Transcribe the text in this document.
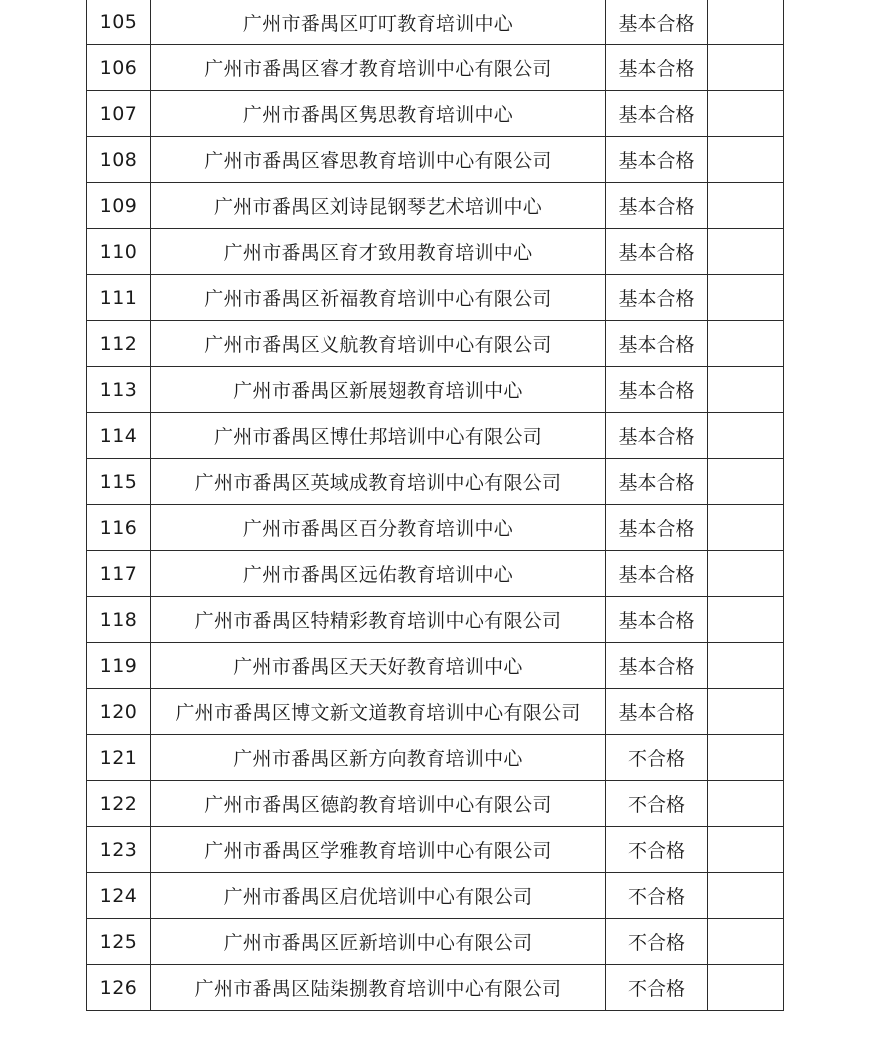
105	广州市番禺区叮叮教育培训中心	基本合格	
106	广州市番禺区睿才教育培训中心有限公司	基本合格	
107	广州市番禺区隽思教育培训中心	基本合格	
108	广州市番禺区睿思教育培训中心有限公司	基本合格	
109	广州市番禺区刘诗昆钢琴艺术培训中心	基本合格	
110	广州市番禺区育才致用教育培训中心	基本合格	
111	广州市番禺区祈福教育培训中心有限公司	基本合格	
112	广州市番禺区义航教育培训中心有限公司	基本合格	
113	广州市番禺区新展翅教育培训中心	基本合格	
114	广州市番禺区博仕邦培训中心有限公司	基本合格	
115	广州市番禺区英域成教育培训中心有限公司	基本合格	
116	广州市番禺区百分教育培训中心	基本合格	
117	广州市番禺区远佑教育培训中心	基本合格	
118	广州市番禺区特精彩教育培训中心有限公司	基本合格	
119	广州市番禺区天天好教育培训中心	基本合格	
120	广州市番禺区博文新文道教育培训中心有限公司	基本合格	
121	广州市番禺区新方向教育培训中心	不合格	
122	广州市番禺区德韵教育培训中心有限公司	不合格	
123	广州市番禺区学雅教育培训中心有限公司	不合格	
124	广州市番禺区启优培训中心有限公司	不合格	
125	广州市番禺区匠新培训中心有限公司	不合格	
126	广州市番禺区陆柒捌教育培训中心有限公司	不合格	
